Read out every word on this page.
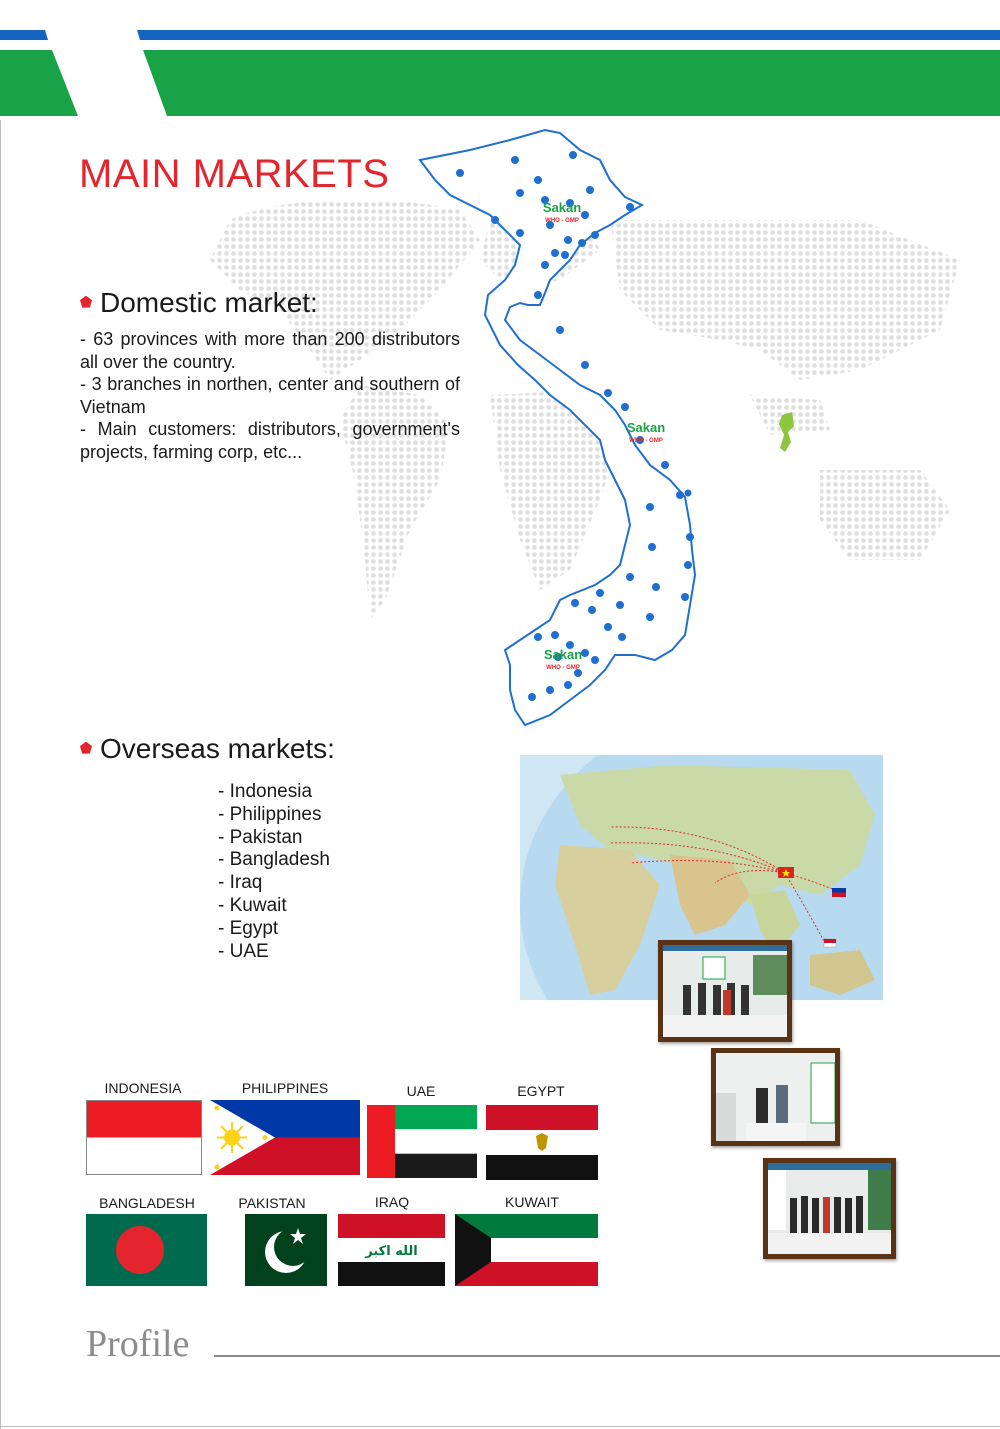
Sakan
WHO - GMP
Sakan
WHO - GMP
Sakan
WHO - GMP
MAIN MARKETS
Domestic market:

- 63 provinces with more than 200 distributors all over the country.

- 3 branches in northen, center and southern of Vietnam

- Main customers: distributors, government's projects, farming corp, etc...

Overseas markets:
- Indonesia
- Philippines
- Pakistan
- Bangladesh
- Iraq
- Kuwait
- Egypt
- UAE
INDONESIA	PHILIPPINES	UAE	EGYPT
BANGLADESH	PAKISTAN	IRAQ
الله اكبر
KUWAIT
Profile
